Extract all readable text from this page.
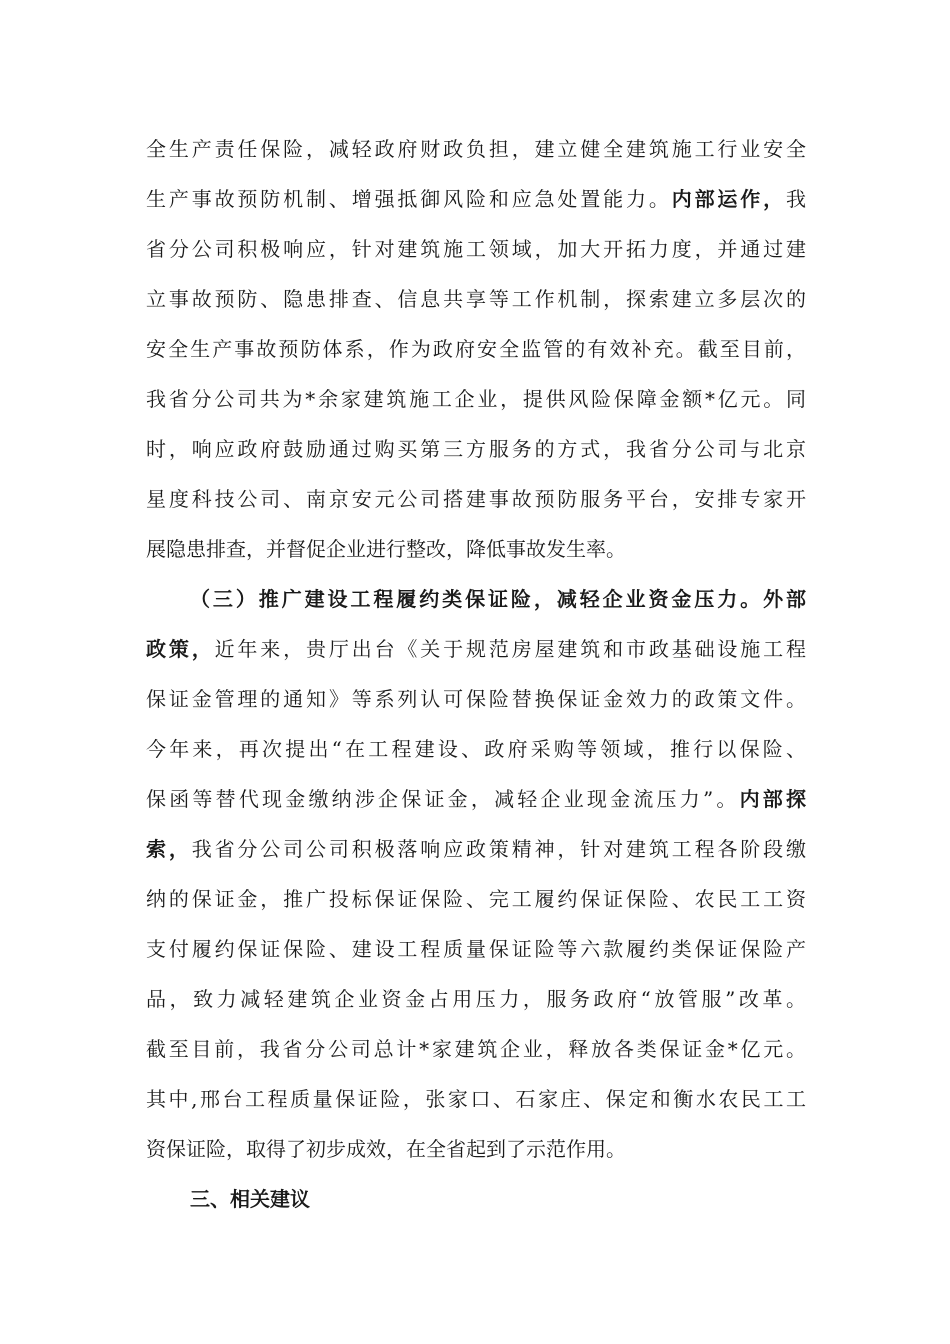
全生产责任保险，减轻政府财政负担，建立健全建筑施工行业安全
生产事故预防机制、增强抵御风险和应急处置能力。内部运作，我
省分公司积极响应，针对建筑施工领域，加大开拓力度，并通过建
立事故预防、隐患排查、信息共享等工作机制，探索建立多层次的
安全生产事故预防体系，作为政府安全监管的有效补充。截至目前，
我省分公司共为*余家建筑施工企业，提供风险保障金额*亿元。同
时，响应政府鼓励通过购买第三方服务的方式，我省分公司与北京
星度科技公司、南京安元公司搭建事故预防服务平台，安排专家开
展隐患排查，并督促企业进行整改，降低事故发生率。
（三）推广建设工程履约类保证险，减轻企业资金压力。外部
政策，近年来，贵厅出台《关于规范房屋建筑和市政基础设施工程
保证金管理的通知》等系列认可保险替换保证金效力的政策文件。
今年来，再次提出“在工程建设、政府采购等领域，推行以保险、
保函等替代现金缴纳涉企保证金，减轻企业现金流压力”。内部探
索，我省分公司公司积极落响应政策精神，针对建筑工程各阶段缴
纳的保证金，推广投标保证保险、完工履约保证保险、农民工工资
支付履约保证保险、建设工程质量保证险等六款履约类保证保险产
品，致力减轻建筑企业资金占用压力，服务政府“放管服”改革。
截至目前，我省分公司总计*家建筑企业，释放各类保证金*亿元。
其中,邢台工程质量保证险，张家口、石家庄、保定和衡水农民工工
资保证险，取得了初步成效，在全省起到了示范作用。
三、相关建议
